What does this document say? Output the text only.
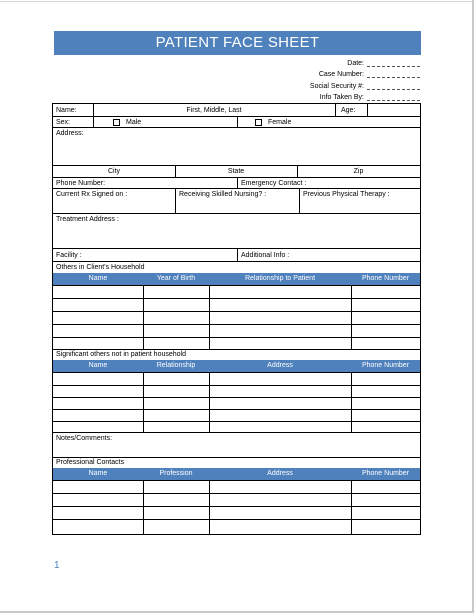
PATIENT FACE SHEET
Date:
Case Number:
Social Security #:
Info Taken By:
Name:	First, Middle, Last	Age:
Sex:	Male	Female
Address:
City	State	Zip
Phone Number:	Emergency Contact :
Current Rx Signed on :	Receiving Skilled Nursing? :	Previous Physical Therapy :
Treatment Address :
Facility :	Additional Info :
Others in Client's Household
Name	Year of Birth	Relationship to Patient	Phone Number
Significant others not in patient household
Name	Relationship	Address	Phone Number
Notes/Comments:
Professional Contacts
Name	Profession	Address	Phone Number
1
